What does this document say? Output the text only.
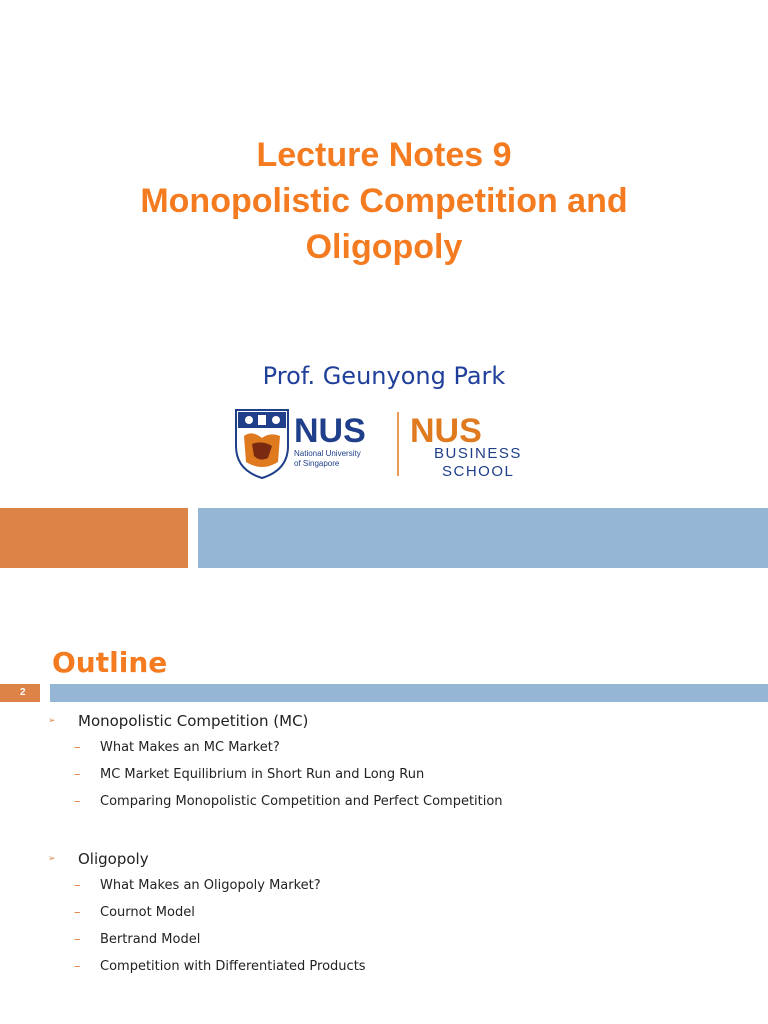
Lecture Notes 9
Monopolistic Competition and
Oligopoly
Prof. Geunyong Park
NUS
National University
of Singapore
NUS
BUSINESS
SCHOOL
Outline
2
➢ Monopolistic Competition (MC)
– What Makes an MC Market?
– MC Market Equilibrium in Short Run and Long Run
– Comparing Monopolistic Competition and Perfect Competition
➢ Oligopoly
– What Makes an Oligopoly Market?
– Cournot Model
– Bertrand Model
– Competition with Differentiated Products
